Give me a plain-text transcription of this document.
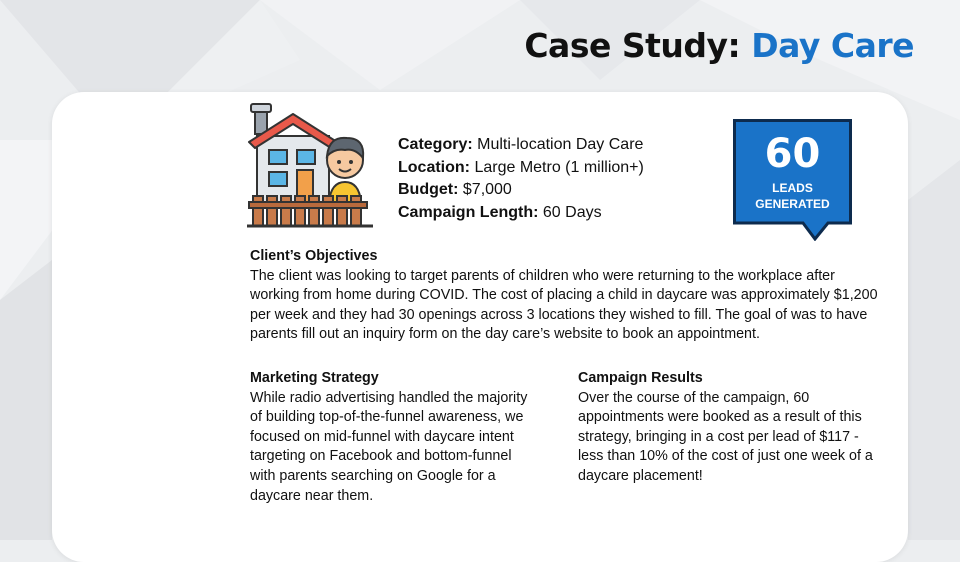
Case Study: Day Care
Category: Multi-location Day Care
Location: Large Metro (1 million+)
Budget: $7,000
Campaign Length: 60 Days
60
LEADS
GENERATED
Client’s Objectives
The client was looking to target parents of children who were returning to the workplace after working from home during COVID. The cost of placing a child in daycare was approximately $1,200 per week and they had 30 openings across 3 locations they wished to fill. The goal of was to have parents fill out an inquiry form on the day care’s website to book an appointment.
Marketing Strategy
While radio advertising handled the majority of building top-of-the-funnel awareness, we focused on mid-funnel with daycare intent targeting on Facebook and bottom-funnel with parents searching on Google for a daycare near them.
Campaign Results
Over the course of the campaign, 60 appointments were booked as a result of this strategy, bringing in a cost per lead of $117 -   less than 10% of the cost of just one week of a daycare placement!
